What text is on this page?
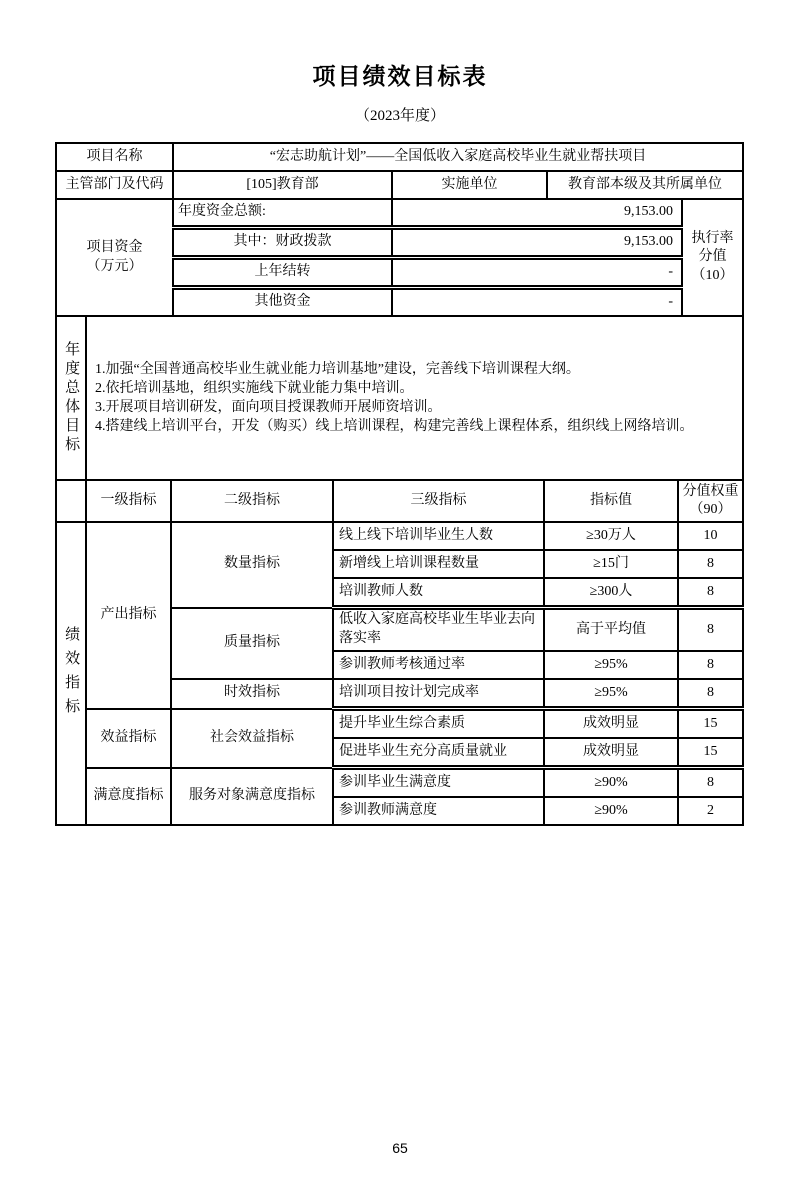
项目绩效目标表
（2023年度）
项目名称	“宏志助航计划”——全国低收入家庭高校毕业生就业帮扶项目			
主管部门及代码	[105]教育部	实施单位	教育部本级及其所属单位	

项目资金
（万元）	年度资金总额:	9,153.00		执行率
分值
（10）

	其中：财政拨款	9,153.00		
	上年结转	-		
	其他资金	-		
年度总体目标	1.加强“全国普通高校毕业生就业能力培训基地”建设，完善线下培训课程大纲。
2.依托培训基地，组织实施线下就业能力集中培训。
3.开展项目培训研发，面向项目授课教师开展师资培训。
4.搭建线上培训平台，开发（购买）线上培训课程，构建完善线上课程体系，组织线上网络培训。
	一级指标	二级指标	三级指标	指标值	分值权重
（90）

绩效指标	产出指标	数量指标	线上线下培训毕业生人数	≥30万人	10
			新增线上培训课程数量	≥15门	8
			培训教师人数	≥300人	8
		质量指标	低收入家庭高校毕业生毕业去向落实率	高于平均值	8
			参训教师考核通过率	≥95%	8
		时效指标	培训项目按计划完成率	≥95%	8
	效益指标	社会效益指标	提升毕业生综合素质	成效明显	15
			促进毕业生充分高质量就业	成效明显	15
	满意度指标	服务对象满意度指标	参训毕业生满意度	≥90%	8
			参训教师满意度	≥90%	2
65
